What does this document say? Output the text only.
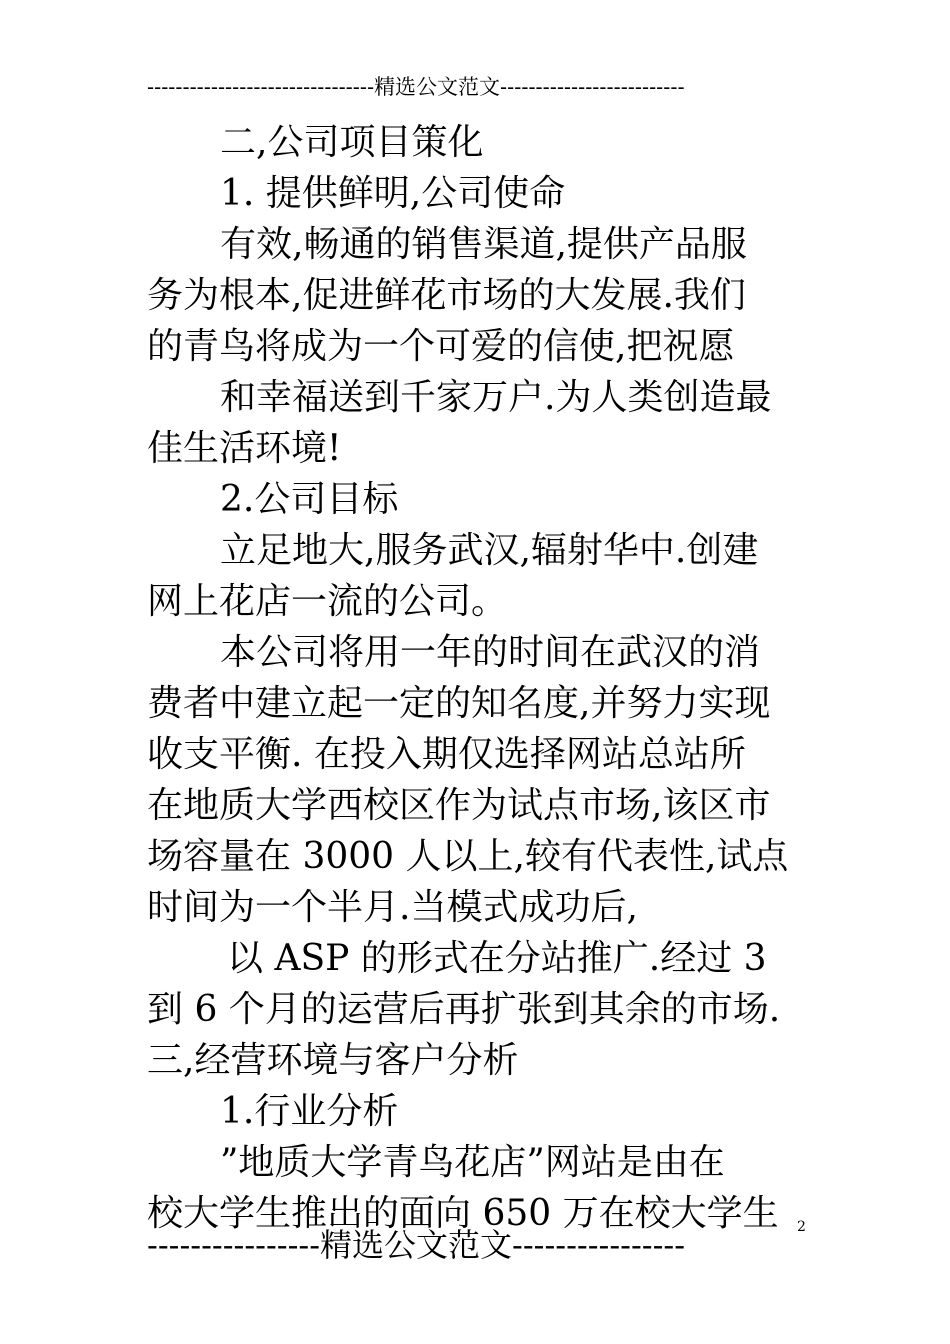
--------------------------------精选公文范文--------------------------
二,公司项目策化
1. 提供鲜明,公司使命
有效,畅通的销售渠道,提供产品服
务为根本,促进鲜花市场的大发展.我们
的青鸟将成为一个可爱的信使,把祝愿
和幸福送到千家万户.为人类创造最
佳生活环境!
2.公司目标
立足地大,服务武汉,辐射华中.创建
网上花店一流的公司。
本公司将用一年的时间在武汉的消
费者中建立起一定的知名度,并努力实现
收支平衡. 在投入期仅选择网站总站所
在地质大学西校区作为试点市场,该区市
场容量在 3000 人以上,较有代表性,试点
时间为一个半月.当模式成功后,
以 ASP 的形式在分站推广.经过 3
到 6 个月的运营后再扩张到其余的市场.
三,经营环境与客户分析
1.行业分析
”地质大学青鸟花店”网站是由在
校大学生推出的面向 650 万在校大学生
----------------精选公文范文----------------	2
